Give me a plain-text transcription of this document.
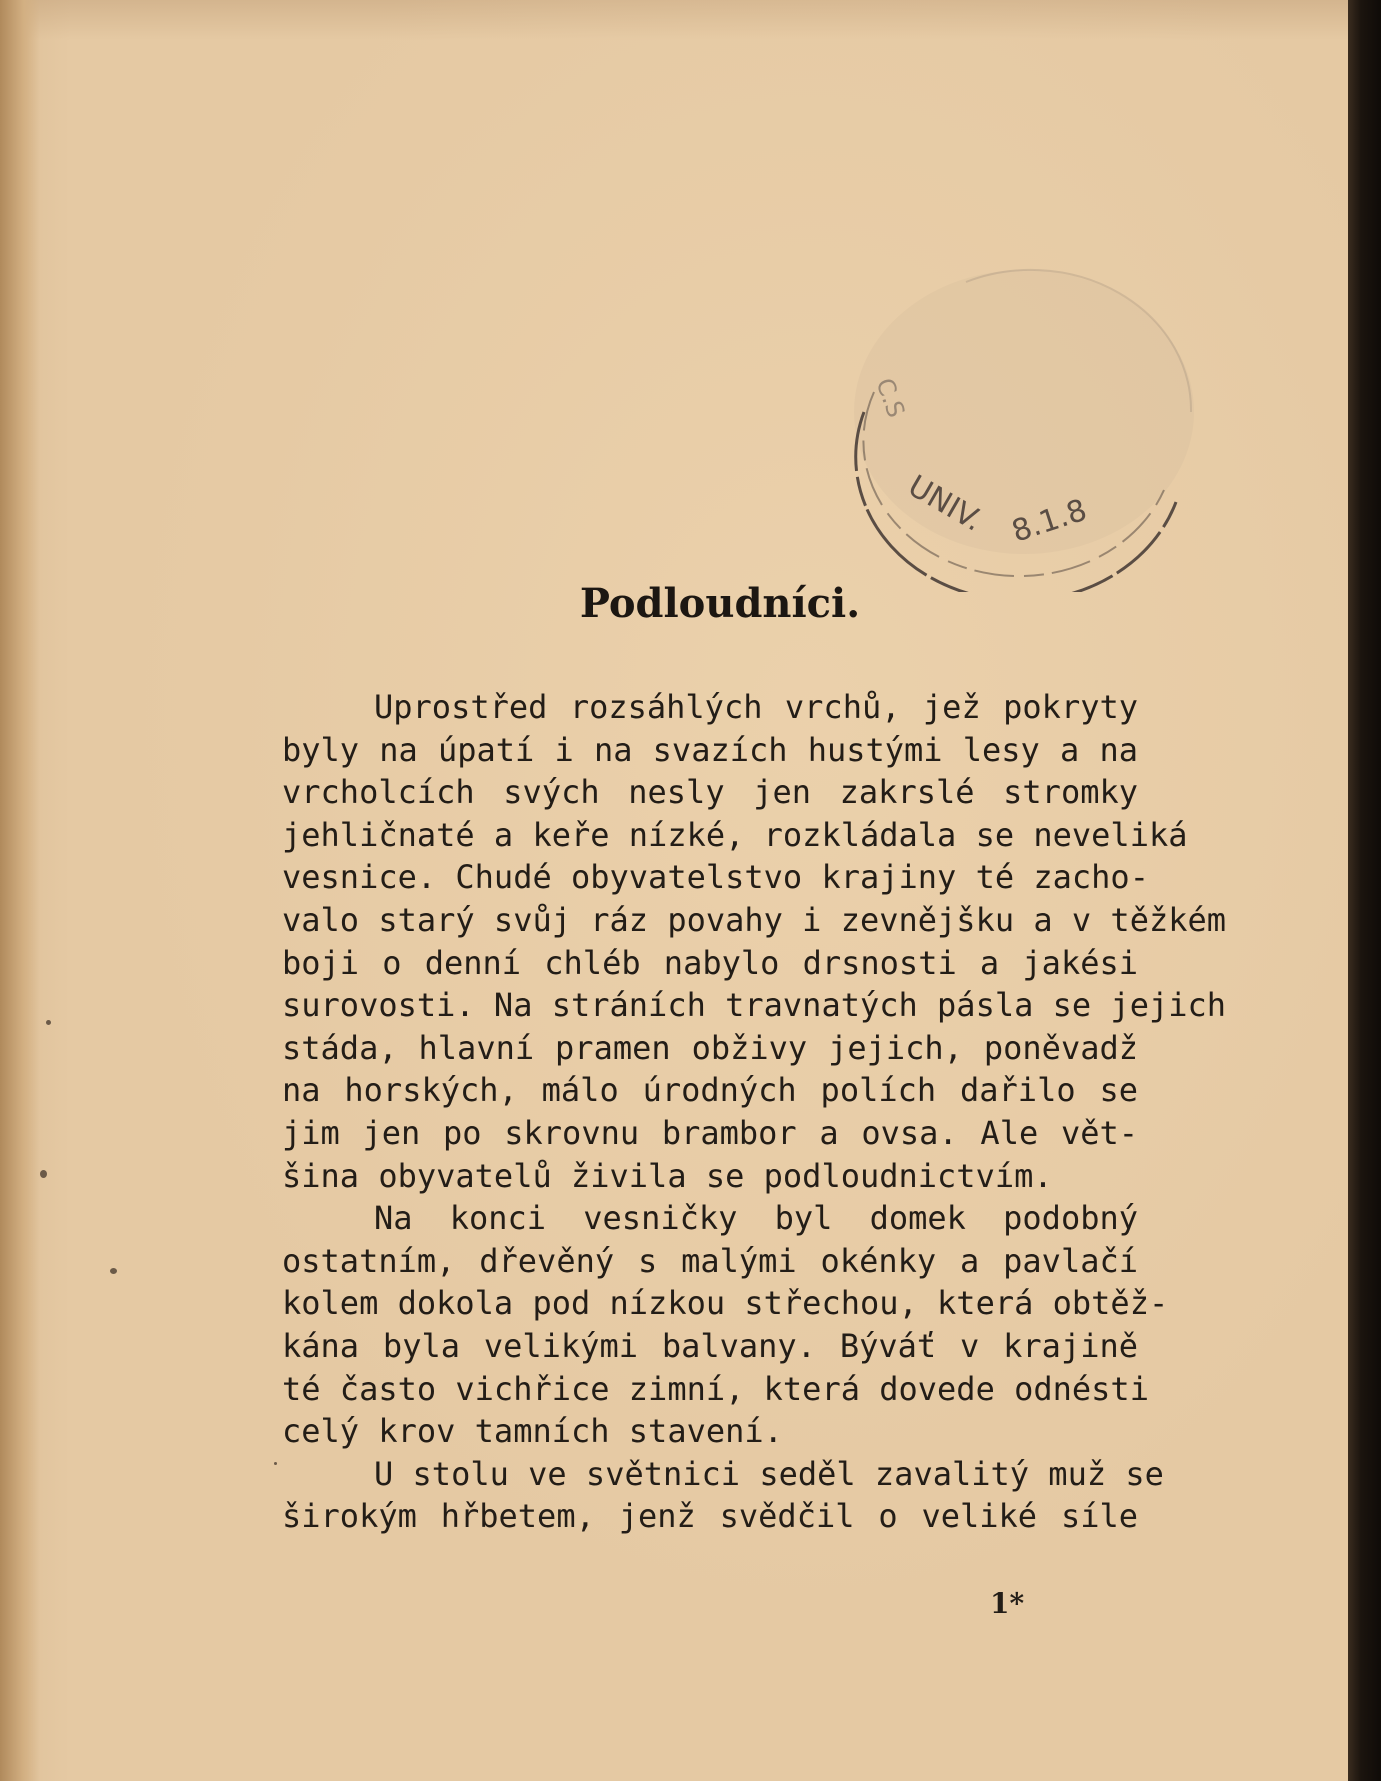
UNIV. 8.1.8
C.S
Podloudníci.
Uprostřed rozsáhlých vrchů, jež pokryty
byly na úpatí i na svazích hustými lesy a na
vrcholcích svých nesly jen zakrslé stromky
jehličnaté a keře nízké, rozkládala se neveliká
vesnice. Chudé obyvatelstvo krajiny té zacho-
valo starý svůj ráz povahy i zevnějšku a v těžkém
boji o denní chléb nabylo drsnosti a jakési
surovosti. Na stráních travnatých pásla se jejich
stáda, hlavní pramen obživy jejich, poněvadž
na horských, málo úrodných polích dařilo se
jim jen po skrovnu brambor a ovsa. Ale vět-
šina obyvatelů živila se podloudnictvím.
Na konci vesničky byl domek podobný
ostatním, dřevěný s malými okénky a pavlačí
kolem dokola pod nízkou střechou, která obtěž-
kána byla velikými balvany. Býváť v krajině
té často vichřice zimní, která dovede odnésti
celý krov tamních stavení.
U stolu ve světnici seděl zavalitý muž se
širokým hřbetem, jenž svědčil o veliké síle
1*
